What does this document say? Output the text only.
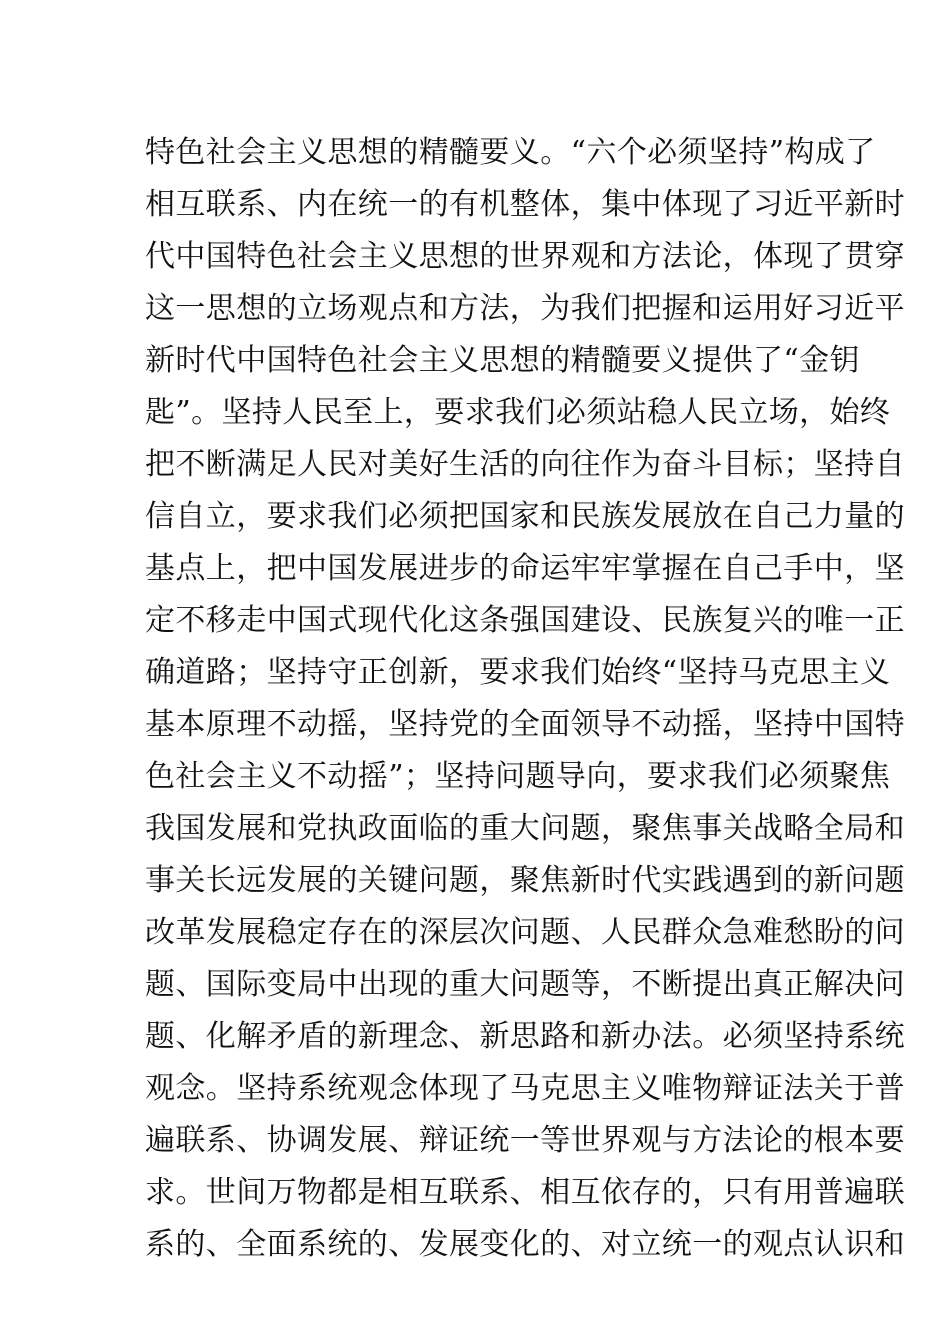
特色社会主义思想的精髓要义。“六个必须坚持”构成了
相互联系、内在统一的有机整体，集中体现了习近平新时
代中国特色社会主义思想的世界观和方法论，体现了贯穿
这一思想的立场观点和方法，为我们把握和运用好习近平
新时代中国特色社会主义思想的精髓要义提供了“金钥
匙”。坚持人民至上，要求我们必须站稳人民立场，始终
把不断满足人民对美好生活的向往作为奋斗目标；坚持自
信自立，要求我们必须把国家和民族发展放在自己力量的
基点上，把中国发展进步的命运牢牢掌握在自己手中，坚
定不移走中国式现代化这条强国建设、民族复兴的唯一正
确道路；坚持守正创新，要求我们始终“坚持马克思主义
基本原理不动摇，坚持党的全面领导不动摇，坚持中国特
色社会主义不动摇”；坚持问题导向，要求我们必须聚焦
我国发展和党执政面临的重大问题，聚焦事关战略全局和
事关长远发展的关键问题，聚焦新时代实践遇到的新问题
改革发展稳定存在的深层次问题、人民群众急难愁盼的问
题、国际变局中出现的重大问题等，不断提出真正解决问
题、化解矛盾的新理念、新思路和新办法。必须坚持系统
观念。坚持系统观念体现了马克思主义唯物辩证法关于普
遍联系、协调发展、辩证统一等世界观与方法论的根本要
求。世间万物都是相互联系、相互依存的，只有用普遍联
系的、全面系统的、发展变化的、对立统一的观点认识和
